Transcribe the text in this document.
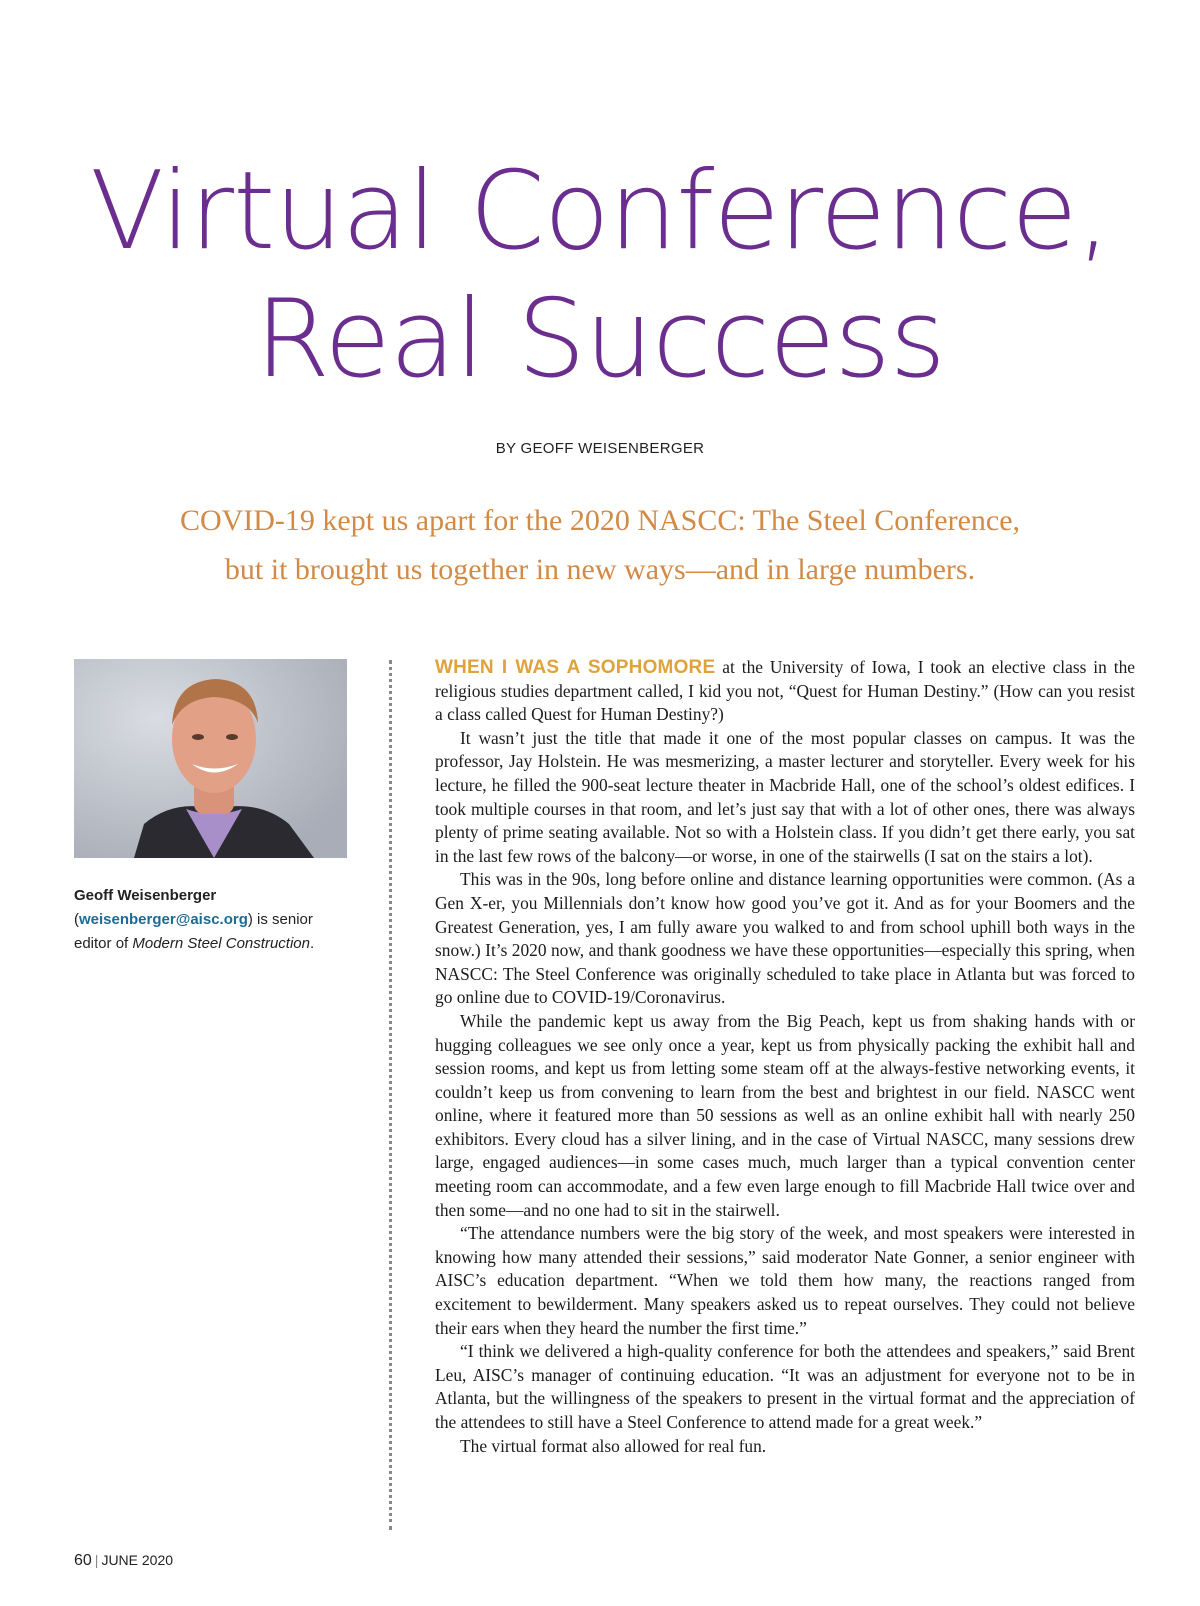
Virtual Conference,
Real Success
BY GEOFF WEISENBERGER
COVID-19 kept us apart for the 2020 NASCC: The Steel Conference,
but it brought us together in new ways—and in large numbers.
Geoff Weisenberger
(weisenberger@aisc.org) is senior
editor of Modern Steel Construction.

WHEN I WAS A SOPHOMORE at the University of Iowa, I took an elective class in the religious studies department called, I kid you not, “Quest for Human Destiny.” (How can you resist a class called Quest for Human Destiny?)

It wasn’t just the title that made it one of the most popular classes on campus. It was the professor, Jay Holstein. He was mesmerizing, a master lecturer and storyteller. Every week for his lecture, he filled the 900-seat lecture theater in Macbride Hall, one of the school’s oldest edifices. I took multiple courses in that room, and let’s just say that with a lot of other ones, there was always plenty of prime seating available. Not so with a Holstein class. If you didn’t get there early, you sat in the last few rows of the balcony—or worse, in one of the stairwells (I sat on the stairs a lot).

This was in the 90s, long before online and distance learning opportunities were common. (As a Gen X-er, you Millennials don’t know how good you’ve got it. And as for your Boomers and the Greatest Generation, yes, I am fully aware you walked to and from school uphill both ways in the snow.) It’s 2020 now, and thank goodness we have these opportunities—especially this spring, when NASCC: The Steel Conference was originally scheduled to take place in Atlanta but was forced to go online due to COVID-19/Coronavirus.

While the pandemic kept us away from the Big Peach, kept us from shaking hands with or hugging colleagues we see only once a year, kept us from physically packing the exhibit hall and session rooms, and kept us from letting some steam off at the always-festive networking events, it couldn’t keep us from convening to learn from the best and brightest in our field. NASCC went online, where it featured more than 50 sessions as well as an online exhibit hall with nearly 250 exhibitors. Every cloud has a silver lining, and in the case of Virtual NASCC, many sessions drew large, engaged audiences—in some cases much, much larger than a typical convention center meeting room can accommodate, and a few even large enough to fill Macbride Hall twice over and then some—and no one had to sit in the stairwell.

“The attendance numbers were the big story of the week, and most speakers were interested in knowing how many attended their sessions,” said moderator Nate Gonner, a senior engineer with AISC’s education department. “When we told them how many, the reactions ranged from excitement to bewilderment. Many speakers asked us to repeat ourselves. They could not believe their ears when they heard the number the first time.”

“I think we delivered a high-quality conference for both the attendees and speakers,” said Brent Leu, AISC’s manager of continuing education. “It was an adjustment for everyone not to be in Atlanta, but the willingness of the speakers to present in the virtual format and the appreciation of the attendees to still have a Steel Conference to attend made for a great week.”

The virtual format also allowed for real fun.

60 | JUNE 2020
